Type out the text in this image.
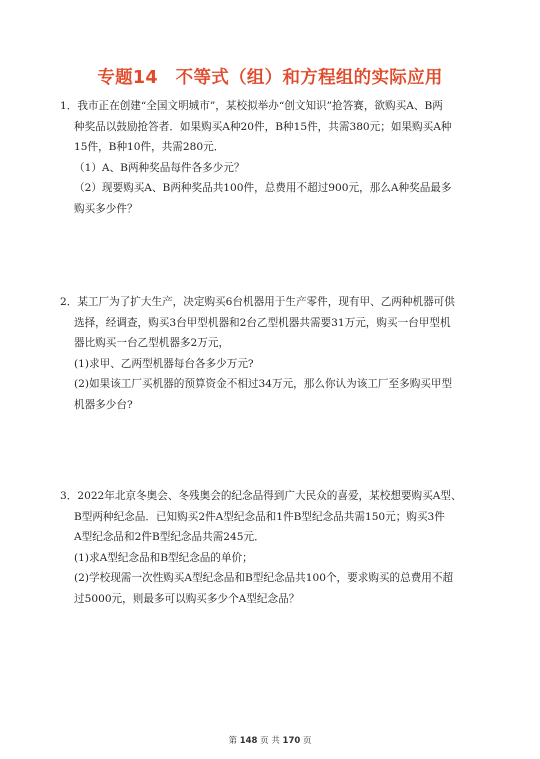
专题14　不等式（组）和方程组的实际应用

1．我市正在创建“全国文明城市”，某校拟举办“创文知识”抢答赛，欲购买A、B两

种奖品以鼓励抢答者．如果购买A种20件，B种15件，共需380元；如果购买A种

15件，B种10件，共需280元．

（1）A、B两种奖品每件各多少元？

（2）现要购买A、B两种奖品共100件，总费用不超过900元，那么A种奖品最多

购买多少件？

2．某工厂为了扩大生产，决定购买6台机器用于生产零件，现有甲、乙两种机器可供

选择，经调查，购买3台甲型机器和2台乙型机器共需要31万元，购买一台甲型机

器比购买一台乙型机器多2万元，

(1)求甲、乙两型机器每台各多少万元?

(2)如果该工厂买机器的预算资金不相过34万元，那么你认为该工厂至多购买甲型

机器多少台?

3．2022年北京冬奥会、冬残奥会的纪念品得到广大民众的喜爱，某校想要购买A型、

B型两种纪念品．已知购买2件A型纪念品和1件B型纪念品共需150元；购买3件

A型纪念品和2件B型纪念品共需245元．

(1)求A型纪念品和B型纪念品的单价；

(2)学校现需一次性购买A型纪念品和B型纪念品共100个，要求购买的总费用不超

过5000元，则最多可以购买多少个A型纪念品？

第 148 页 共 170 页
